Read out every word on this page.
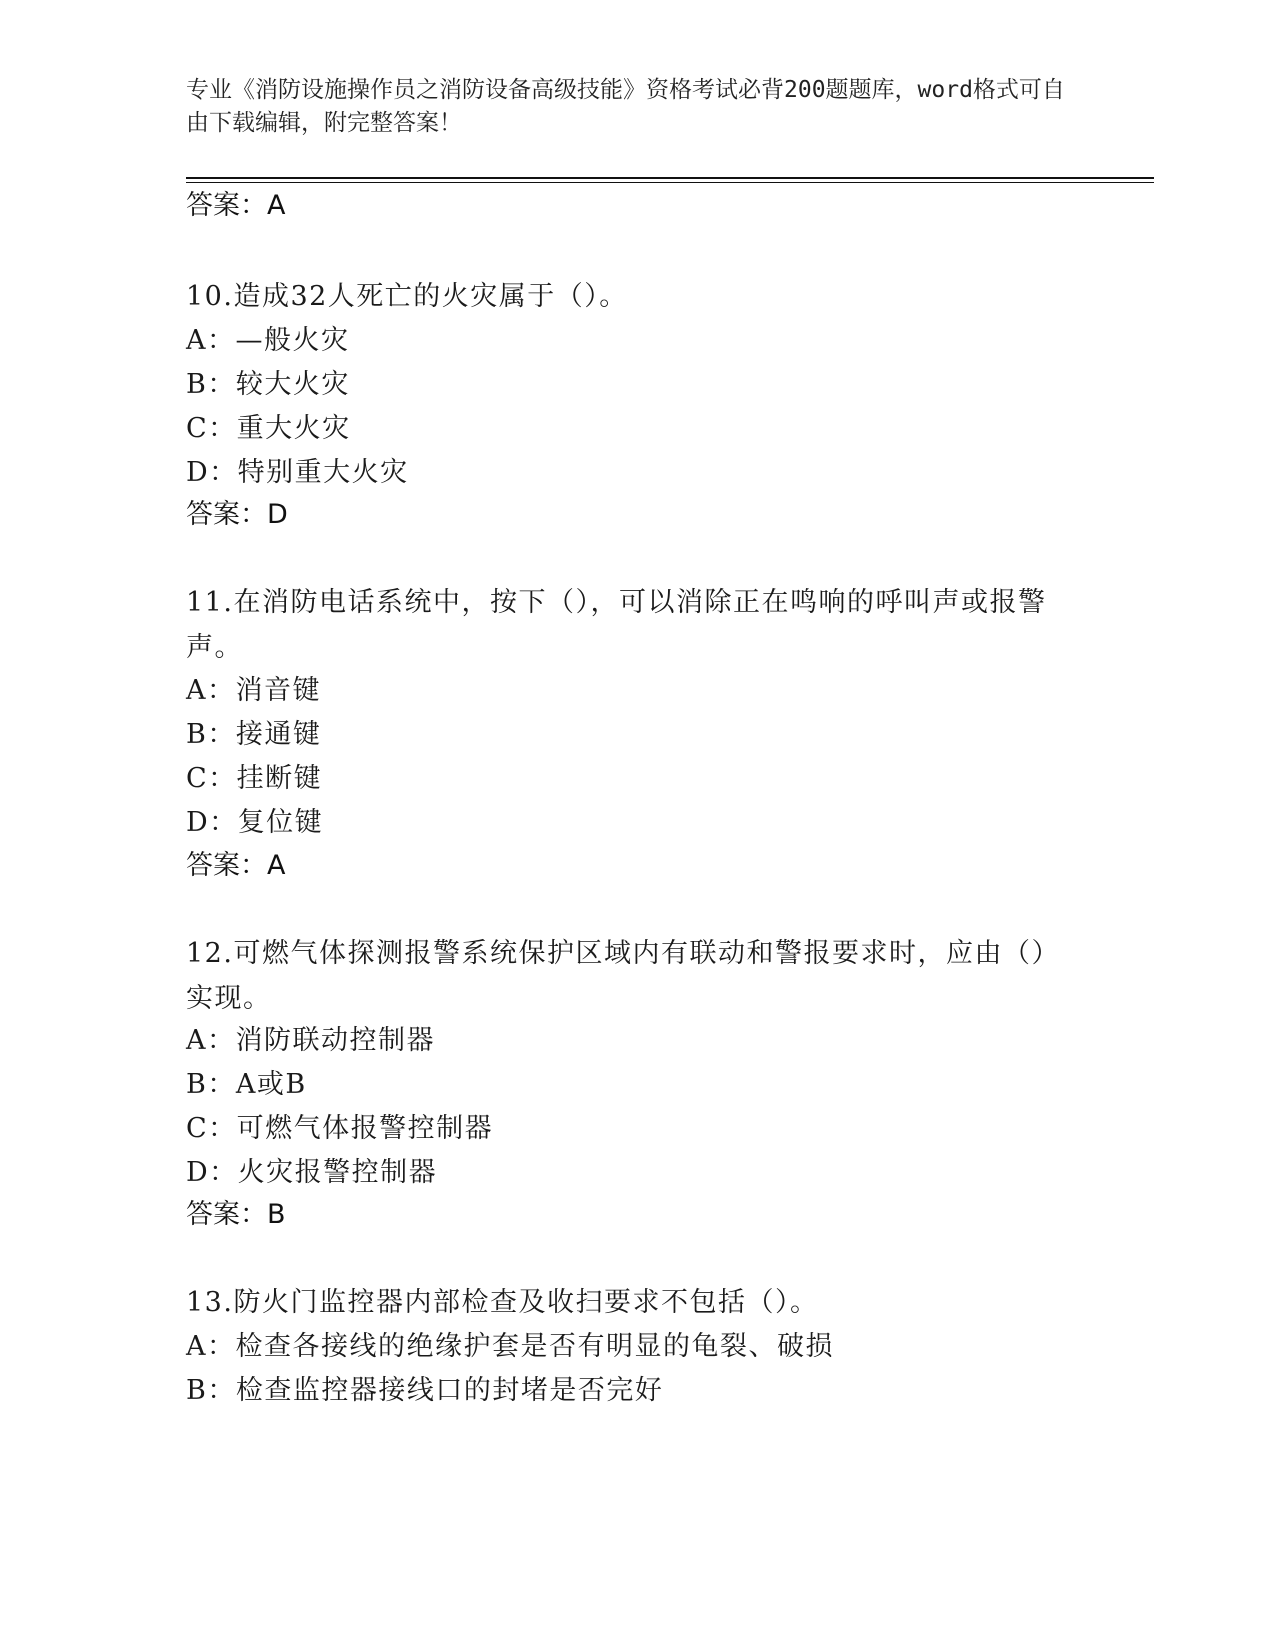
专业《消防设施操作员之消防设备高级技能》资格考试必背200题题库，word格式可自由下载编辑，附完整答案！
答案：A
10.造成32人死亡的火灾属于（）。
A：—般火灾
B：较大火灾
C：重大火灾
D：特别重大火灾
答案：D
11.在消防电话系统中，按下（），可以消除正在鸣响的呼叫声或报警声。
A：消音键
B：接通键
C：挂断键
D：复位键
答案：A
12.可燃气体探测报警系统保护区域内有联动和警报要求时，应由（）实现。
A：消防联动控制器
B：A或B
C：可燃气体报警控制器
D：火灾报警控制器
答案：B
13.防火门监控器内部检查及收扫要求不包括（）。
A：检查各接线的绝缘护套是否有明显的龟裂、破损
B：检查监控器接线口的封堵是否完好
